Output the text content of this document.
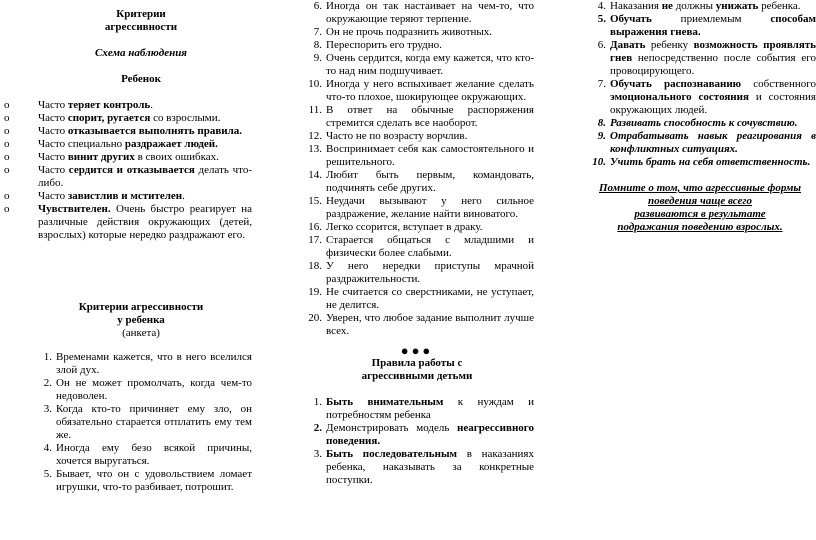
Критерии
агрессивности
Схема наблюдения
Ребенок
o Часто теряет контроль.
o Часто спорит, ругается со взрослыми.
o Часто отказывается выполнять правила.
o Часто специально раздражает людей.
o Часто винит других в своих ошибках.
o Часто сердится и отказывается делать что-либо.
o Часто завистлив и мстителен.
o Чувствителен. Очень быстро реагирует на различные действия окружающих (детей, взрослых) которые нередко раздражают его.
Критерии агрессивности
у ребенка
(анкета)
1. Временами кажется, что в него вселился злой дух.
2. Он не может промолчать, когда чем-то недоволен.
3. Когда кто-то причиняет ему зло, он обязательно старается отплатить ему тем же.
4. Иногда ему безо всякой причины, хочется выругаться.
5. Бывает, что он с удовольствием ломает игрушки, что-то разбивает, потрошит.
6. Иногда он так настаивает на чем-то, что окружающие теряют терпение.
7. Он не прочь подразнить животных.
8. Переспорить его трудно.
9. Очень сердится, когда ему кажется, что кто-то над ним подшучивает.
10. Иногда у него вспыхивает желание сделать что-то плохое, шокирующее окружающих.
11. В ответ на обычные распоряжения стремится сделать все наоборот.
12. Часто не по возрасту ворчлив.
13. Воспринимает себя как самостоятельного и решительного.
14. Любит быть первым, командовать, подчинять себе других.
15. Неудачи вызывают у него сильное раздражение, желание найти виноватого.
16. Легко ссорится, вступает в драку.
17. Старается общаться с младшими и физически более слабыми.
18. У него нередки приступы мрачной раздражительности.
19. Не считается со сверстниками, не уступает, не делится.
20. Уверен, что любое задание выполнит лучше всех.
●●●
Правила работы с
агрессивными детьми
1. Быть внимательным к нуждам и потребностям ребенка
2. Демонстрировать модель неагрессивного поведения.
3. Быть последовательным в наказаниях ребенка, наказывать за конкретные поступки.
4. Наказания не должны унижать ребенка.
5. Обучать приемлемым способам выражения гнева.
6. Давать ребенку возможность проявлять гнев непосредственно после события его провоцирующего.
7. Обучать распознаванию собственного эмоционального состояния и состояния окружающих людей.
8. Развивать способность к сочувствию.
9. Отрабатывать навык реагирования в конфликтных ситуациях.
10. Учить брать на себя ответственность.
Помните о том, что агрессивные формы
поведения чаще всего
развиваются в результате
подражания поведению взрослых.
